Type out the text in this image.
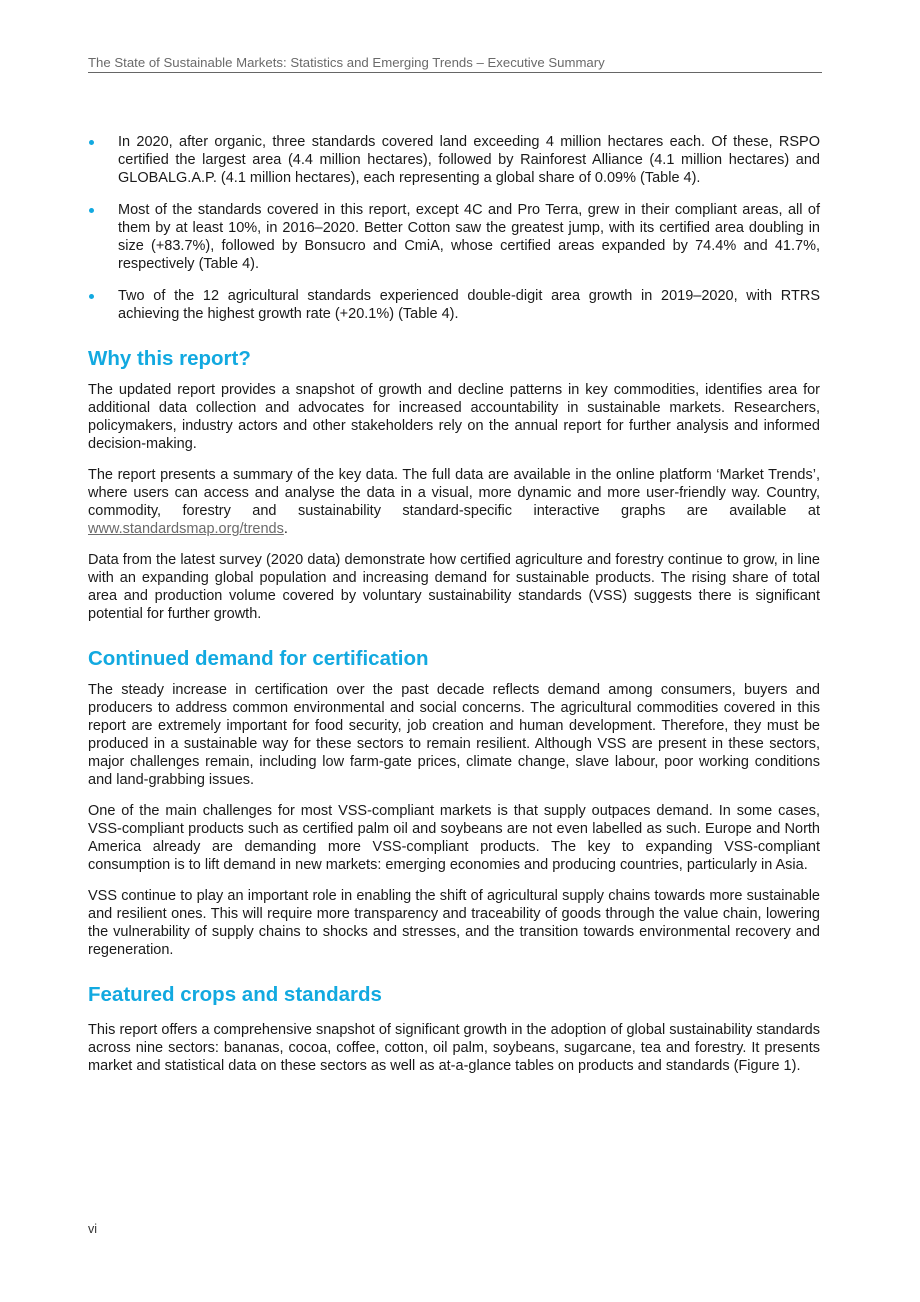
The State of Sustainable Markets: Statistics and Emerging Trends – Executive Summary

In 2020, after organic, three standards covered land exceeding 4 million hectares each. Of these, RSPO certified the largest area (4.4 million hectares), followed by Rainforest Alliance (4.1 million hectares) and GLOBALG.A.P. (4.1 million hectares), each representing a global share of 0.09% (Table 4).

Most of the standards covered in this report, except 4C and Pro Terra, grew in their compliant areas, all of them by at least 10%, in 2016–2020. Better Cotton saw the greatest jump, with its certified area doubling in size (+83.7%), followed by Bonsucro and CmiA, whose certified areas expanded by 74.4% and 41.7%, respectively (Table 4).

Two of the 12 agricultural standards experienced double-digit area growth in 2019–2020, with RTRS achieving the highest growth rate (+20.1%) (Table 4).

Why this report?

The updated report provides a snapshot of growth and decline patterns in key commodities, identifies area for additional data collection and advocates for increased accountability in sustainable markets. Researchers, policymakers, industry actors and other stakeholders rely on the annual report for further analysis and informed decision-making.

The report presents a summary of the key data. The full data are available in the online platform ‘Market Trends’, where users can access and analyse the data in a visual, more dynamic and more user-friendly way. Country, commodity, forestry and sustainability standard-specific interactive graphs are available at www.standardsmap.org/trends.

Data from the latest survey (2020 data) demonstrate how certified agriculture and forestry continue to grow, in line with an expanding global population and increasing demand for sustainable products. The rising share of total area and production volume covered by voluntary sustainability standards (VSS) suggests there is significant potential for further growth.

Continued demand for certification

The steady increase in certification over the past decade reflects demand among consumers, buyers and producers to address common environmental and social concerns. The agricultural commodities covered in this report are extremely important for food security, job creation and human development. Therefore, they must be produced in a sustainable way for these sectors to remain resilient. Although VSS are present in these sectors, major challenges remain, including low farm-gate prices, climate change, slave labour, poor working conditions and land-grabbing issues.

One of the main challenges for most VSS-compliant markets is that supply outpaces demand. In some cases, VSS-compliant products such as certified palm oil and soybeans are not even labelled as such. Europe and North America already are demanding more VSS-compliant products. The key to expanding VSS-compliant consumption is to lift demand in new markets: emerging economies and producing countries, particularly in Asia.

VSS continue to play an important role in enabling the shift of agricultural supply chains towards more sustainable and resilient ones. This will require more transparency and traceability of goods through the value chain, lowering the vulnerability of supply chains to shocks and stresses, and the transition towards environmental recovery and regeneration.

Featured crops and standards

This report offers a comprehensive snapshot of significant growth in the adoption of global sustainability standards across nine sectors: bananas, cocoa, coffee, cotton, oil palm, soybeans, sugarcane, tea and forestry. It presents market and statistical data on these sectors as well as at-a-glance tables on products and standards (Figure 1).

vi
